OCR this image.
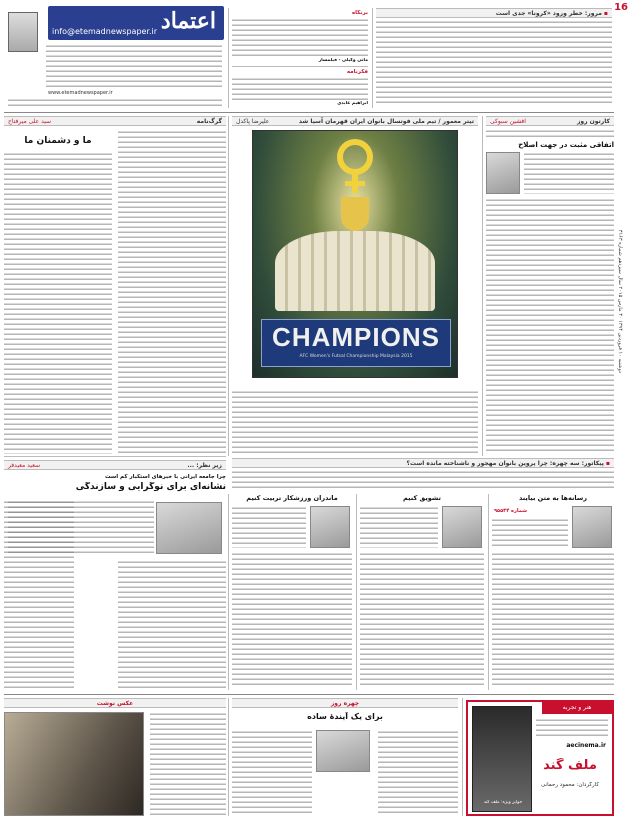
اعتماد
info@etemadnewspaper.ir
www.etemadnewspaper.ir
16
دوشنبه ۱۰ فروردین ۱۳۹۴ ۳۰ مارس ۲۰۱۵ سال سیزدهم شماره ۳۱۶۳
برنگاه
مانی وکیلی - فیلمساز
فکرنامه
ابراهیم عابدی
▪مرور: خطر ورود «کرونا» جدی است
کارتون روز
افشین سبوکی
اتفاقی مثبت در جهت اصلاح
تیتر معمور / تیم ملی فوتسال بانوان ایران قهرمان آسیا شد
علیرضا پاکدل
CHAMPIONS
AFC Women's Futsal Championship Malaysia 2015
گرگ‌نامه
سید علی میرفتاح
ما و دشمنان ما
▪پیکاتور: سه چهره: چرا پروین بانوان مهجور و ناشناخته مانده است؟
زیر نظر: ...
سعید معیدفر
چرا جامعه ایرانی با خبرهای استکبار کم است
نشانه‌ای برای نوگرایی و سازندگی
ماندران ورزشکار تربیت کنیم	تشویق کنیم	رسانه‌ها به متن بیایند
شماره ۹۵۵۴۴
عکس نوشت	چهره روز
برای یک آیندهٔ ساده
هنر و تجربه
جوایز ویژه: ملف گند
aecinema.ir
ملف گند
کارگردان: محمود رحمانی
